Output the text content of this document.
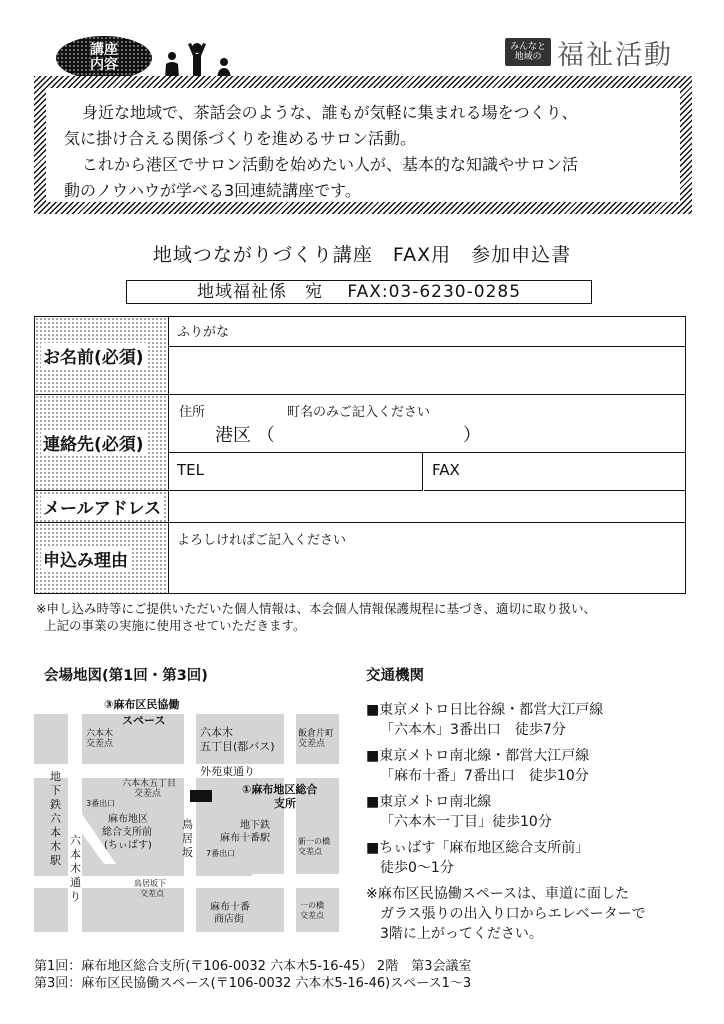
講座
内容
みんなと
地域の 福祉活動

身近な地域で、茶話会のような、誰もが気軽に集まれる場をつくり、

気に掛け合える関係づくりを進めるサロン活動。

これから港区でサロン活動を始めたい人が、基本的な知識やサロン活

動のノウハウが学べる3回連続講座です。

地域つながりづくり講座　FAX用　参加申込書
地域福祉係　宛　 FAX:03-6230-0285
お名前(必須)
ふりがな
連絡先(必須)
住所	町名のみご記入ください
港区 （	）
TEL	FAX
メールアドレス
申込み理由
よろしければご記入ください
※申し込み時等にご提供いただいた個人情報は、本会個人情報保護規程に基づき、適切に取り扱い、
上記の事業の実施に使用させていただきます。
会場地図(第1回・第3回)
六本木
交差点
六本木
五丁目(都バス)
飯倉片町
交差点
外苑東通り
六本木五丁目
交差点	①麻布地区総合
支所
地
下
鉄
六
本
木
駅
3番出口
麻布地区
総合支所前
(ちぃばす)
鳥
居
坂
地下鉄
麻布十番駅
7番出口
新一の橋
交差点
六
本
木
通
り
鳥居坂下
交差点
麻布十番
商店街
一の橋
交差点
③麻布区民協働
スペース
交通機関
■東京メトロ日比谷線・都営大江戸線
「六本木」3番出口　徒歩7分
■東京メトロ南北線・都営大江戸線
「麻布十番」7番出口　徒歩10分
■東京メトロ南北線
「六本木一丁目」徒歩10分
■ちぃばす「麻布地区総合支所前」
徒歩0～1分
※麻布区民協働スペースは、車道に面した
ガラス張りの出入り口からエレベーターで
3階に上がってください。
第1回：麻布地区総合支所(〒106-0032 六本木5-16-45） 2階　第3会議室
第3回：麻布区民協働スペース(〒106-0032 六本木5-16-46)スペース1～3
